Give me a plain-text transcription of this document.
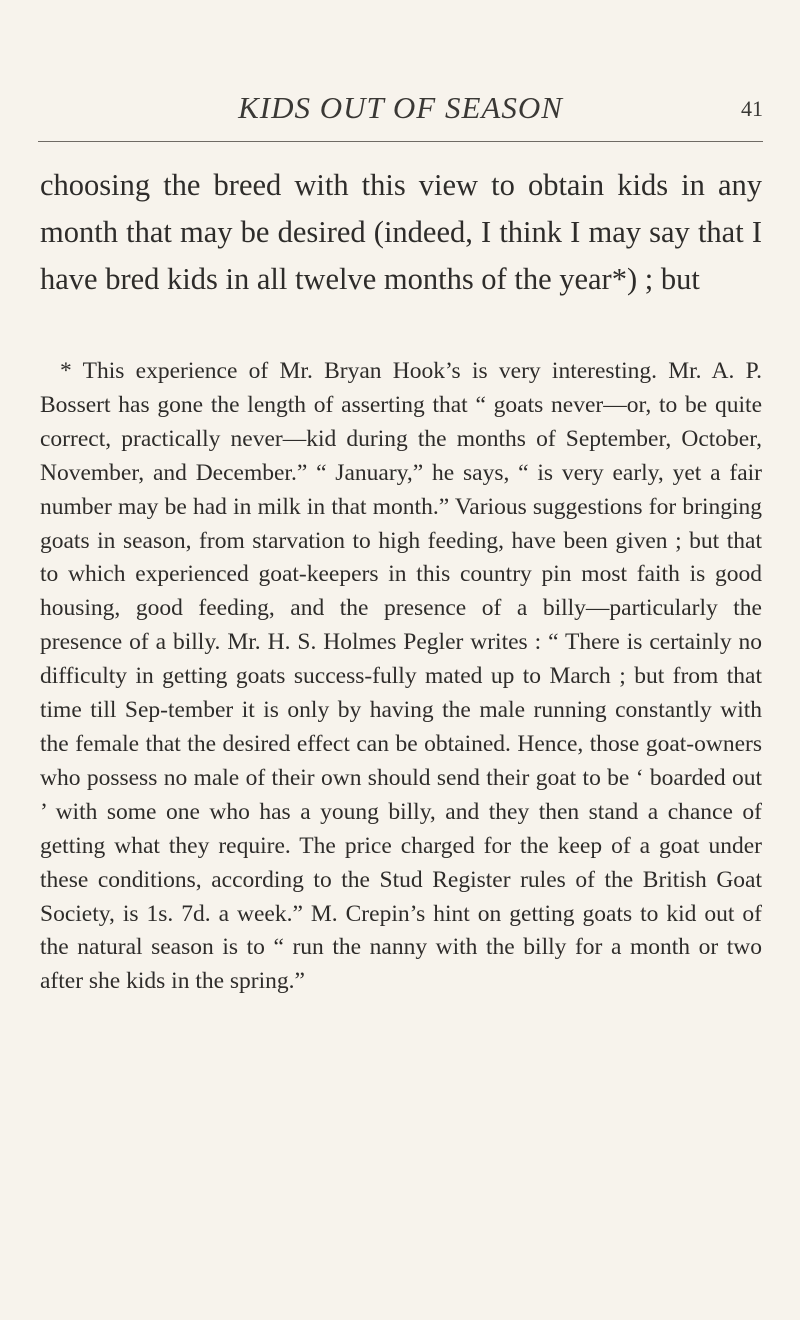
KIDS OUT OF SEASON	41

choosing the breed with this view to obtain kids in any month that may be desired (indeed, I think I may say that I have bred kids in all twelve months of the year*) ; but

* This experience of Mr. Bryan Hook’s is very interesting. Mr. A. P. Bossert has gone the length of asserting that “ goats never—or, to be quite correct, practically never—kid during the months of September, October, November, and December.” “ January,” he says, “ is very early, yet a fair number may be had in milk in that month.” Various suggestions for bringing goats in season, from starvation to high feeding, have been given ; but that to which experienced goat-keepers in this country pin most faith is good housing, good feeding, and the presence of a billy—particularly the presence of a billy. Mr. H. S. Holmes Pegler writes : “ There is certainly no difficulty in getting goats success-fully mated up to March ; but from that time till Sep-tember it is only by having the male running constantly with the female that the desired effect can be obtained. Hence, those goat-owners who possess no male of their own should send their goat to be ‘ boarded out ’ with some one who has a young billy, and they then stand a chance of getting what they require. The price charged for the keep of a goat under these conditions, according to the Stud Register rules of the British Goat Society, is 1s. 7d. a week.” M. Crepin’s hint on getting goats to kid out of the natural season is to “ run the nanny with the billy for a month or two after she kids in the spring.”
